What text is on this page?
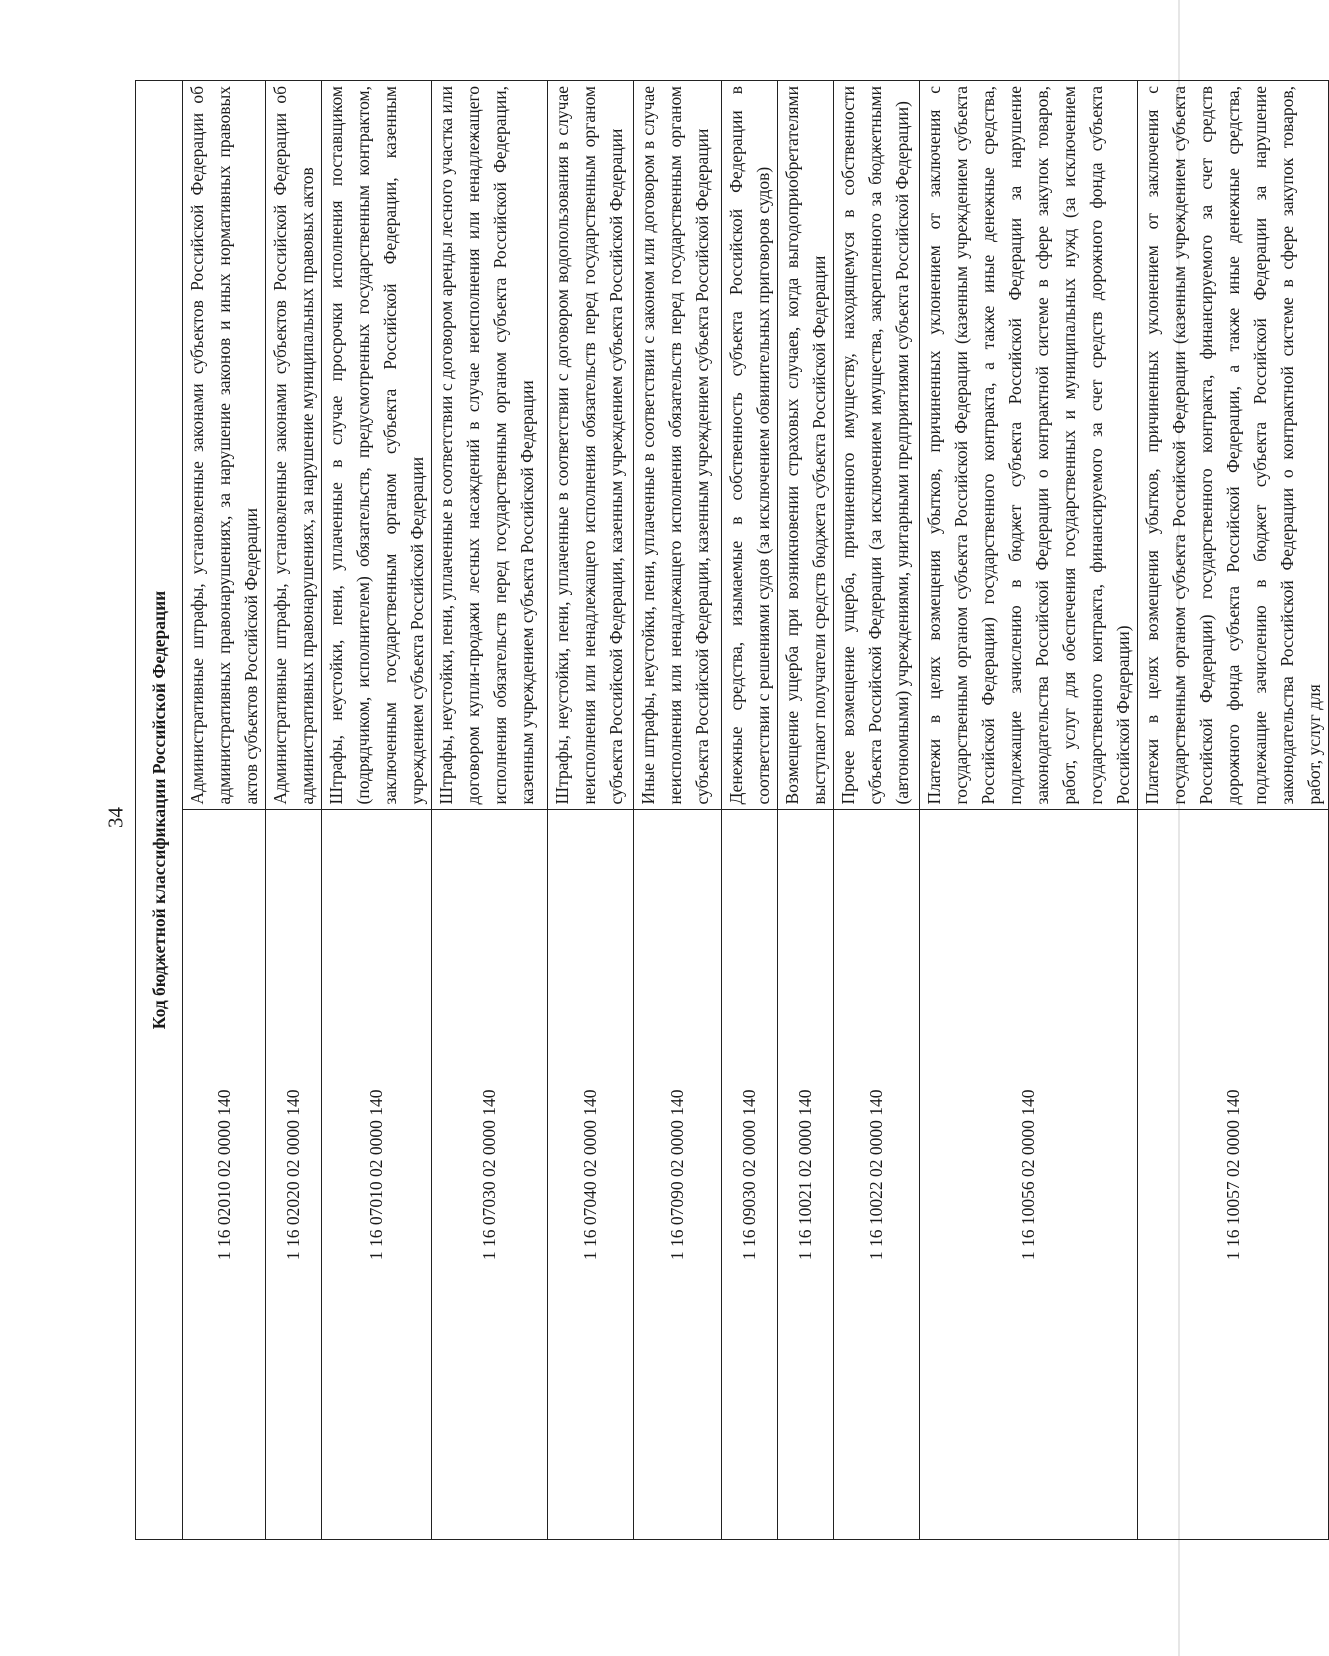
34 Код бюджетной классификации Российской Федерации	
1 16 02010 02 0000 140	Административные штрафы, установленные законами субъектов Российской Федерации об административных правонарушениях, за нарушение законов и иных нормативных правовых актов субъектов Российской Федерации
1 16 02020 02 0000 140	Административные штрафы, установленные законами субъектов Российской Федерации об административных правонарушениях, за нарушение муниципальных правовых актов
1 16 07010 02 0000 140	Штрафы, неустойки, пени, уплаченные в случае просрочки исполнения поставщиком (подрядчиком, исполнителем) обязательств, предусмотренных государственным контрактом, заключенным государственным органом субъекта Российской Федерации, казенным учреждением субъекта Российской Федерации
1 16 07030 02 0000 140	Штрафы, неустойки, пени, уплаченные в соответствии с договором аренды лесного участка или договором купли-продажи лесных насаждений в случае неисполнения или ненадлежащего исполнения обязательств перед государственным органом субъекта Российской Федерации, казенным учреждением субъекта Российской Федерации
1 16 07040 02 0000 140	Штрафы, неустойки, пени, уплаченные в соответствии с договором водопользования в случае неисполнения или ненадлежащего исполнения обязательств перед государственным органом субъекта Российской Федерации, казенным учреждением субъекта Российской Федерации
1 16 07090 02 0000 140	Иные штрафы, неустойки, пени, уплаченные в соответствии с законом или договором в случае неисполнения или ненадлежащего исполнения обязательств перед государственным органом субъекта Российской Федерации, казенным учреждением субъекта Российской Федерации
1 16 09030 02 0000 140	Денежные средства, изымаемые в собственность субъекта Российской Федерации в соответствии с решениями судов (за исключением обвинительных приговоров судов)
1 16 10021 02 0000 140	Возмещение ущерба при возникновении страховых случаев, когда выгодоприобретателями выступают получатели средств бюджета субъекта Российской Федерации
1 16 10022 02 0000 140	Прочее возмещение ущерба, причиненного имуществу, находящемуся в собственности субъекта Российской Федерации (за исключением имущества, закрепленного за бюджетными (автономными) учреждениями, унитарными предприятиями субъекта Российской Федерации)
1 16 10056 02 0000 140	Платежи в целях возмещения убытков, причиненных уклонением от заключения с государственным органом субъекта Российской Федерации (казенным учреждением субъекта Российской Федерации) государственного контракта, а также иные денежные средства, подлежащие зачислению в бюджет субъекта Российской Федерации за нарушение законодательства Российской Федерации о контрактной системе в сфере закупок товаров, работ, услуг для обеспечения государственных и муниципальных нужд (за исключением государственного контракта, финансируемого за счет средств дорожного фонда субъекта Российской Федерации)
1 16 10057 02 0000 140	Платежи в целях возмещения убытков, причиненных уклонением от заключения с государственным органом субъекта Российской Федерации (казенным учреждением субъекта Российской Федерации) государственного контракта, финансируемого за счет средств дорожного фонда субъекта Российской Федерации, а также иные денежные средства, подлежащие зачислению в бюджет субъекта Российской Федерации за нарушение законодательства Российской Федерации о контрактной системе в сфере закупок товаров, работ, услуг для
